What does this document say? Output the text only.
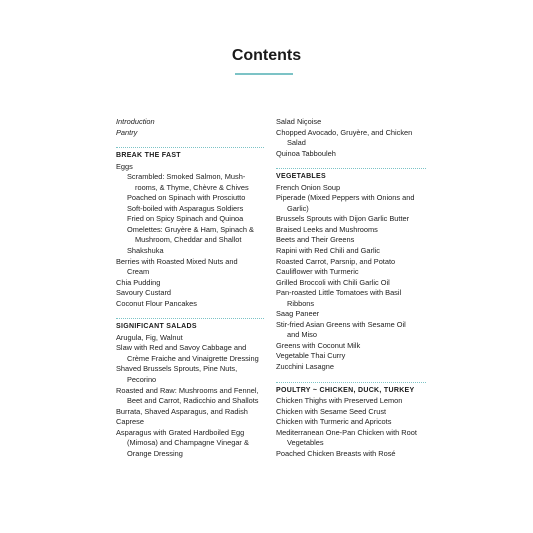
Contents
Introduction
Pantry
BREAK THE FAST
Eggs
Scrambled: Smoked Salmon, Mush-
rooms, & Thyme, Chèvre & Chives
Poached on Spinach with Prosciutto
Soft-boiled with Asparagus Soldiers
Fried on Spicy Spinach and Quinoa
Omelettes: Gruyère & Ham, Spinach &
Mushroom, Cheddar and Shallot
Shakshuka
Berries with Roasted Mixed Nuts and
Cream
Chia Pudding
Savoury Custard
Coconut Flour Pancakes
SIGNIFICANT SALADS
Arugula, Fig, Walnut
Slaw with Red and Savoy Cabbage and
Crème Fraiche and Vinaigrette Dressing
Shaved Brussels Sprouts, Pine Nuts,
Pecorino
Roasted and Raw: Mushrooms and Fennel,
Beet and Carrot, Radicchio and Shallots
Burrata, Shaved Asparagus, and Radish
Caprese
Asparagus with Grated Hardboiled Egg
(Mimosa) and Champagne Vinegar &
Orange Dressing
Salad Niçoise
Chopped Avocado, Gruyère, and Chicken
Salad
Quinoa Tabbouleh
VEGETABLES
French Onion Soup
Piperade (Mixed Peppers with Onions and
Garlic)
Brussels Sprouts with Dijon Garlic Butter
Braised Leeks and Mushrooms
Beets and Their Greens
Rapini with Red Chili and Garlic
Roasted Carrot, Parsnip, and Potato
Cauliflower with Turmeric
Grilled Broccoli with Chili Garlic Oil
Pan-roasted Little Tomatoes with Basil
Ribbons
Saag Paneer
Stir-fried Asian Greens with Sesame Oil
and Miso
Greens with Coconut Milk
Vegetable Thai Curry
Zucchini Lasagne
POULTRY ~ CHICKEN, DUCK, TURKEY
Chicken Thighs with Preserved Lemon
Chicken with Sesame Seed Crust
Chicken with Turmeric and Apricots
Mediterranean One-Pan Chicken with Root
Vegetables
Poached Chicken Breasts with Rosé
